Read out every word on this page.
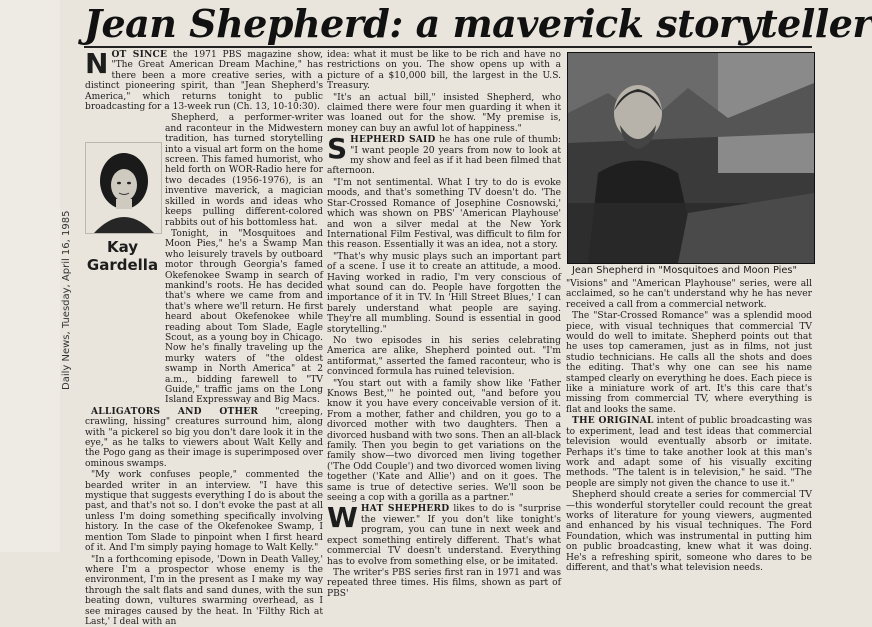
Jean Shepherd: a maverick storyteller
Daily News, Tuesday, April 16, 1985

NOT SINCE the 1971 PBS magazine show, "The Great American Dream Machine," has there been a more creative series, with a distinct pioneering spirit, than "Jean Shepherd's America," which returns tonight to public broadcasting for a 13-week run (Ch. 13, 10-10:30).

Shepherd, a performer-writer and raconteur in the Midwestern tradition, has turned storytelling into a visual art form on the home screen. This famed humorist, who held forth on WOR-Radio here for two decades (1956-1976), is an inventive maverick, a magician skilled in words and ideas who keeps pulling different-colored rabbits out of his bottomless hat.

Tonight, in "Mosquitoes and Moon Pies," he's a Swamp Man who leisurely travels by outboard motor through Georgia's famed Okefenokee Swamp in search of mankind's roots. He has decided that's where we came from and that's where we'll return. He first heard about Okefenokee while reading about Tom Slade, Eagle Scout, as a young boy in Chicago. Now he's finally traveling up the murky waters of "the oldest swamp in North America" at 2 a.m., bidding farewell to "TV Guide," traffic jams on the Long Island Expressway and Big Macs.

ALLIGATORS AND OTHER "creeping, crawling, hissing" creatures surround him, along with "a pickerel so big you don't dare look it in the eye," as he talks to viewers about Walt Kelly and the Pogo gang as their image is superimposed over ominous swamps.

"My work confuses people," commented the bearded writer in an interview. "I have this mystique that suggests everything I do is about the past, and that's not so. I don't evoke the past at all unless I'm doing something specifically involving history. In the case of the Okefenokee Swamp, I mention Tom Slade to pinpoint when I first heard of it. And I'm simply paying homage to Walt Kelly."

"In a forthcoming episode, 'Down in Death Valley,' where I'm a prospector whose enemy is the environment, I'm in the present as I make my way through the salt flats and sand dunes, with the sun beating down, vultures swarming overhead, as I see mirages caused by the heat. In 'Filthy Rich at Last,' I deal with an

Kay
Gardella

idea: what it must be like to be rich and have no restrictions on you. The show opens up with a picture of a $10,000 bill, the largest in the U.S. Treasury.

"It's an actual bill," insisted Shepherd, who claimed there were four men guarding it when it was loaned out for the show. "My premise is, money can buy an awful lot of happiness."

SHEPHERD SAID he has one rule of thumb: "I want people 20 years from now to look at my show and feel as if it had been filmed that afternoon.

"I'm not sentimental. What I try to do is evoke moods, and that's something TV doesn't do. 'The Star-Crossed Romance of Josephine Cosnowski,' which was shown on PBS' 'American Playhouse' and won a silver medal at the New York International Film Festival, was difficult to film for this reason. Essentially it was an idea, not a story.

"That's why music plays such an important part of a scene. I use it to create an attitude, a mood. Having worked in radio, I'm very conscious of what sound can do. People have forgotten the importance of it in TV. In 'Hill Street Blues,' I can barely understand what people are saying. They're all mumbling. Sound is essential in good storytelling."

No two episodes in his series celebrating America are alike, Shepherd pointed out. "I'm antiformat," asserted the famed raconteur, who is convinced formula has ruined television.

"You start out with a family show like 'Father Knows Best,'" he pointed out, "and before you know it you have every conceivable version of it. From a mother, father and children, you go to a divorced mother with two daughters. Then a divorced husband with two sons. Then an all-black family. Then you begin to get variations on the family show—two divorced men living together ('The Odd Couple') and two divorced women living together ('Kate and Allie') and on it goes. The same is true of detective series. We'll soon be seeing a cop with a gorilla as a partner."

WHAT SHEPHERD likes to do is "surprise the viewer." If you don't like tonight's program, you can tune in next week and expect something entirely different. That's what commercial TV doesn't understand. Everything has to evolve from something else, or be imitated.

The writer's PBS series first ran in 1971 and was repeated three times. His films, shown as part of PBS'

Jean Shepherd in "Mosquitoes and Moon Pies"

"Visions" and "American Playhouse" series, were all acclaimed, so he can't understand why he has never received a call from a commercial network.

The "Star-Crossed Romance" was a splendid mood piece, with visual techniques that commercial TV would do well to imitate. Shepherd points out that he uses top cameramen, just as in films, not just studio technicians. He calls all the shots and does the editing. That's why one can see his name stamped clearly on everything he does. Each piece is like a miniature work of art. It's this care that's missing from commercial TV, where everything is flat and looks the same.

THE ORIGINAL intent of public broadcasting was to experiment, lead and test ideas that commercial television would eventually absorb or imitate. Perhaps it's time to take another look at this man's work and adapt some of his visually exciting methods. "The talent is in television," he said. "The people are simply not given the chance to use it."

Shepherd should create a series for commercial TV—this wonderful storyteller could recount the great works of literature for young viewers, augmented and enhanced by his visual techniques. The Ford Foundation, which was instrumental in putting him on public broadcasting, knew what it was doing. He's a refreshing spirit, someone who dares to be different, and that's what television needs.
